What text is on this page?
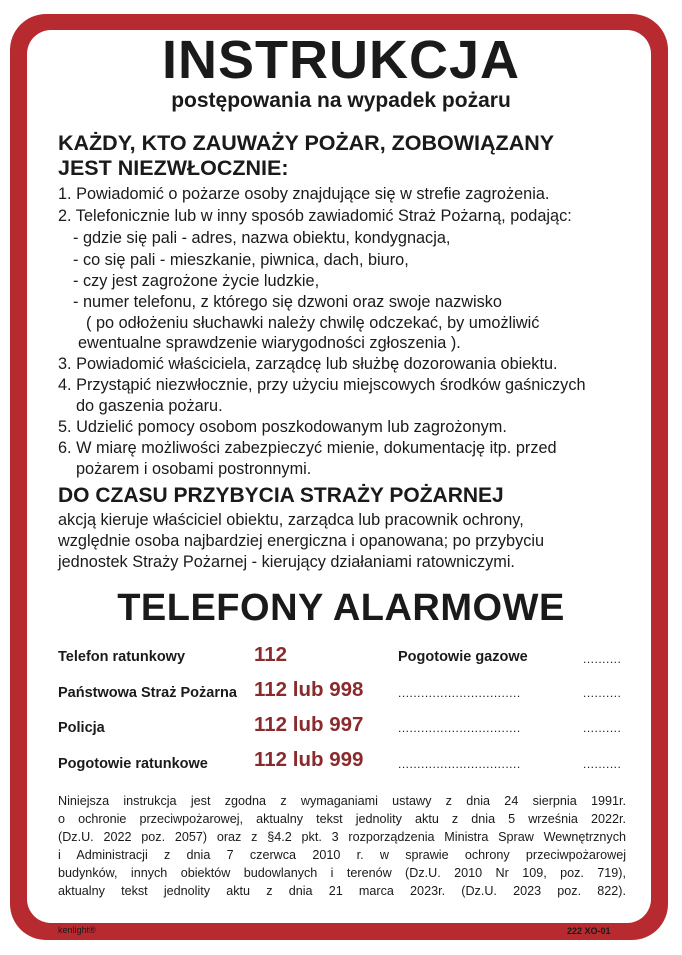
INSTRUKCJA
postępowania na wypadek pożaru
KAŻDY, KTO ZAUWAŻY POŻAR, ZOBOWIĄZANY
JEST NIEZWŁOCZNIE:
1. Powiadomić o pożarze osoby znajdujące się w strefie zagrożenia.
2. Telefonicznie lub w inny sposób zawiadomić Straż Pożarną, podając:
- gdzie się pali - adres, nazwa obiektu, kondygnacja,
- co się pali - mieszkanie, piwnica, dach, biuro,
- czy jest zagrożone życie ludzkie,
- numer telefonu, z którego się dzwoni oraz swoje nazwisko
( po odłożeniu słuchawki należy chwilę odczekać, by umożliwić
ewentualne sprawdzenie wiarygodności zgłoszenia ).
3. Powiadomić właściciela, zarządcę lub służbę dozorowania obiektu.
4. Przystąpić niezwłocznie, przy użyciu miejscowych środków gaśniczych
do gaszenia pożaru.
5. Udzielić pomocy osobom poszkodowanym lub zagrożonym.
6. W miarę możliwości zabezpieczyć mienie, dokumentację itp. przed
pożarem i osobami postronnymi.
DO CZASU PRZYBYCIA STRAŻY POŻARNEJ
akcją kieruje właściciel obiektu, zarządca lub pracownik ochrony,
względnie osoba najbardziej energiczna i opanowana; po przybyciu
jednostek Straży Pożarnej - kierujący działaniami ratowniczymi.
TELEFONY ALARMOWE
Telefon ratunkowy	112	Pogotowie gazowe	..........
Państwowa Straż Pożarna 112 lub 998	................................	..........
Policja	112 lub 997	................................	..........
Pogotowie ratunkowe 112 lub 999	................................	..........
Niniejsza instrukcja jest zgodna z wymaganiami ustawy z dnia 24 sierpnia 1991r.
o ochronie przeciwpożarowej, aktualny tekst jednolity aktu z dnia 5 września 2022r.
(Dz.U. 2022 poz. 2057) oraz z §4.2 pkt. 3 rozporządzenia Ministra Spraw Wewnętrznych
i Administracji z dnia 7 czerwca 2010 r. w sprawie ochrony przeciwpożarowej
budynków, innych obiektów budowlanych i terenów (Dz.U. 2010 Nr 109, poz. 719),
aktualny tekst jednolity aktu z dnia 21 marca 2023r. (Dz.U. 2023 poz. 822).
kenlight®	222 XO-01
